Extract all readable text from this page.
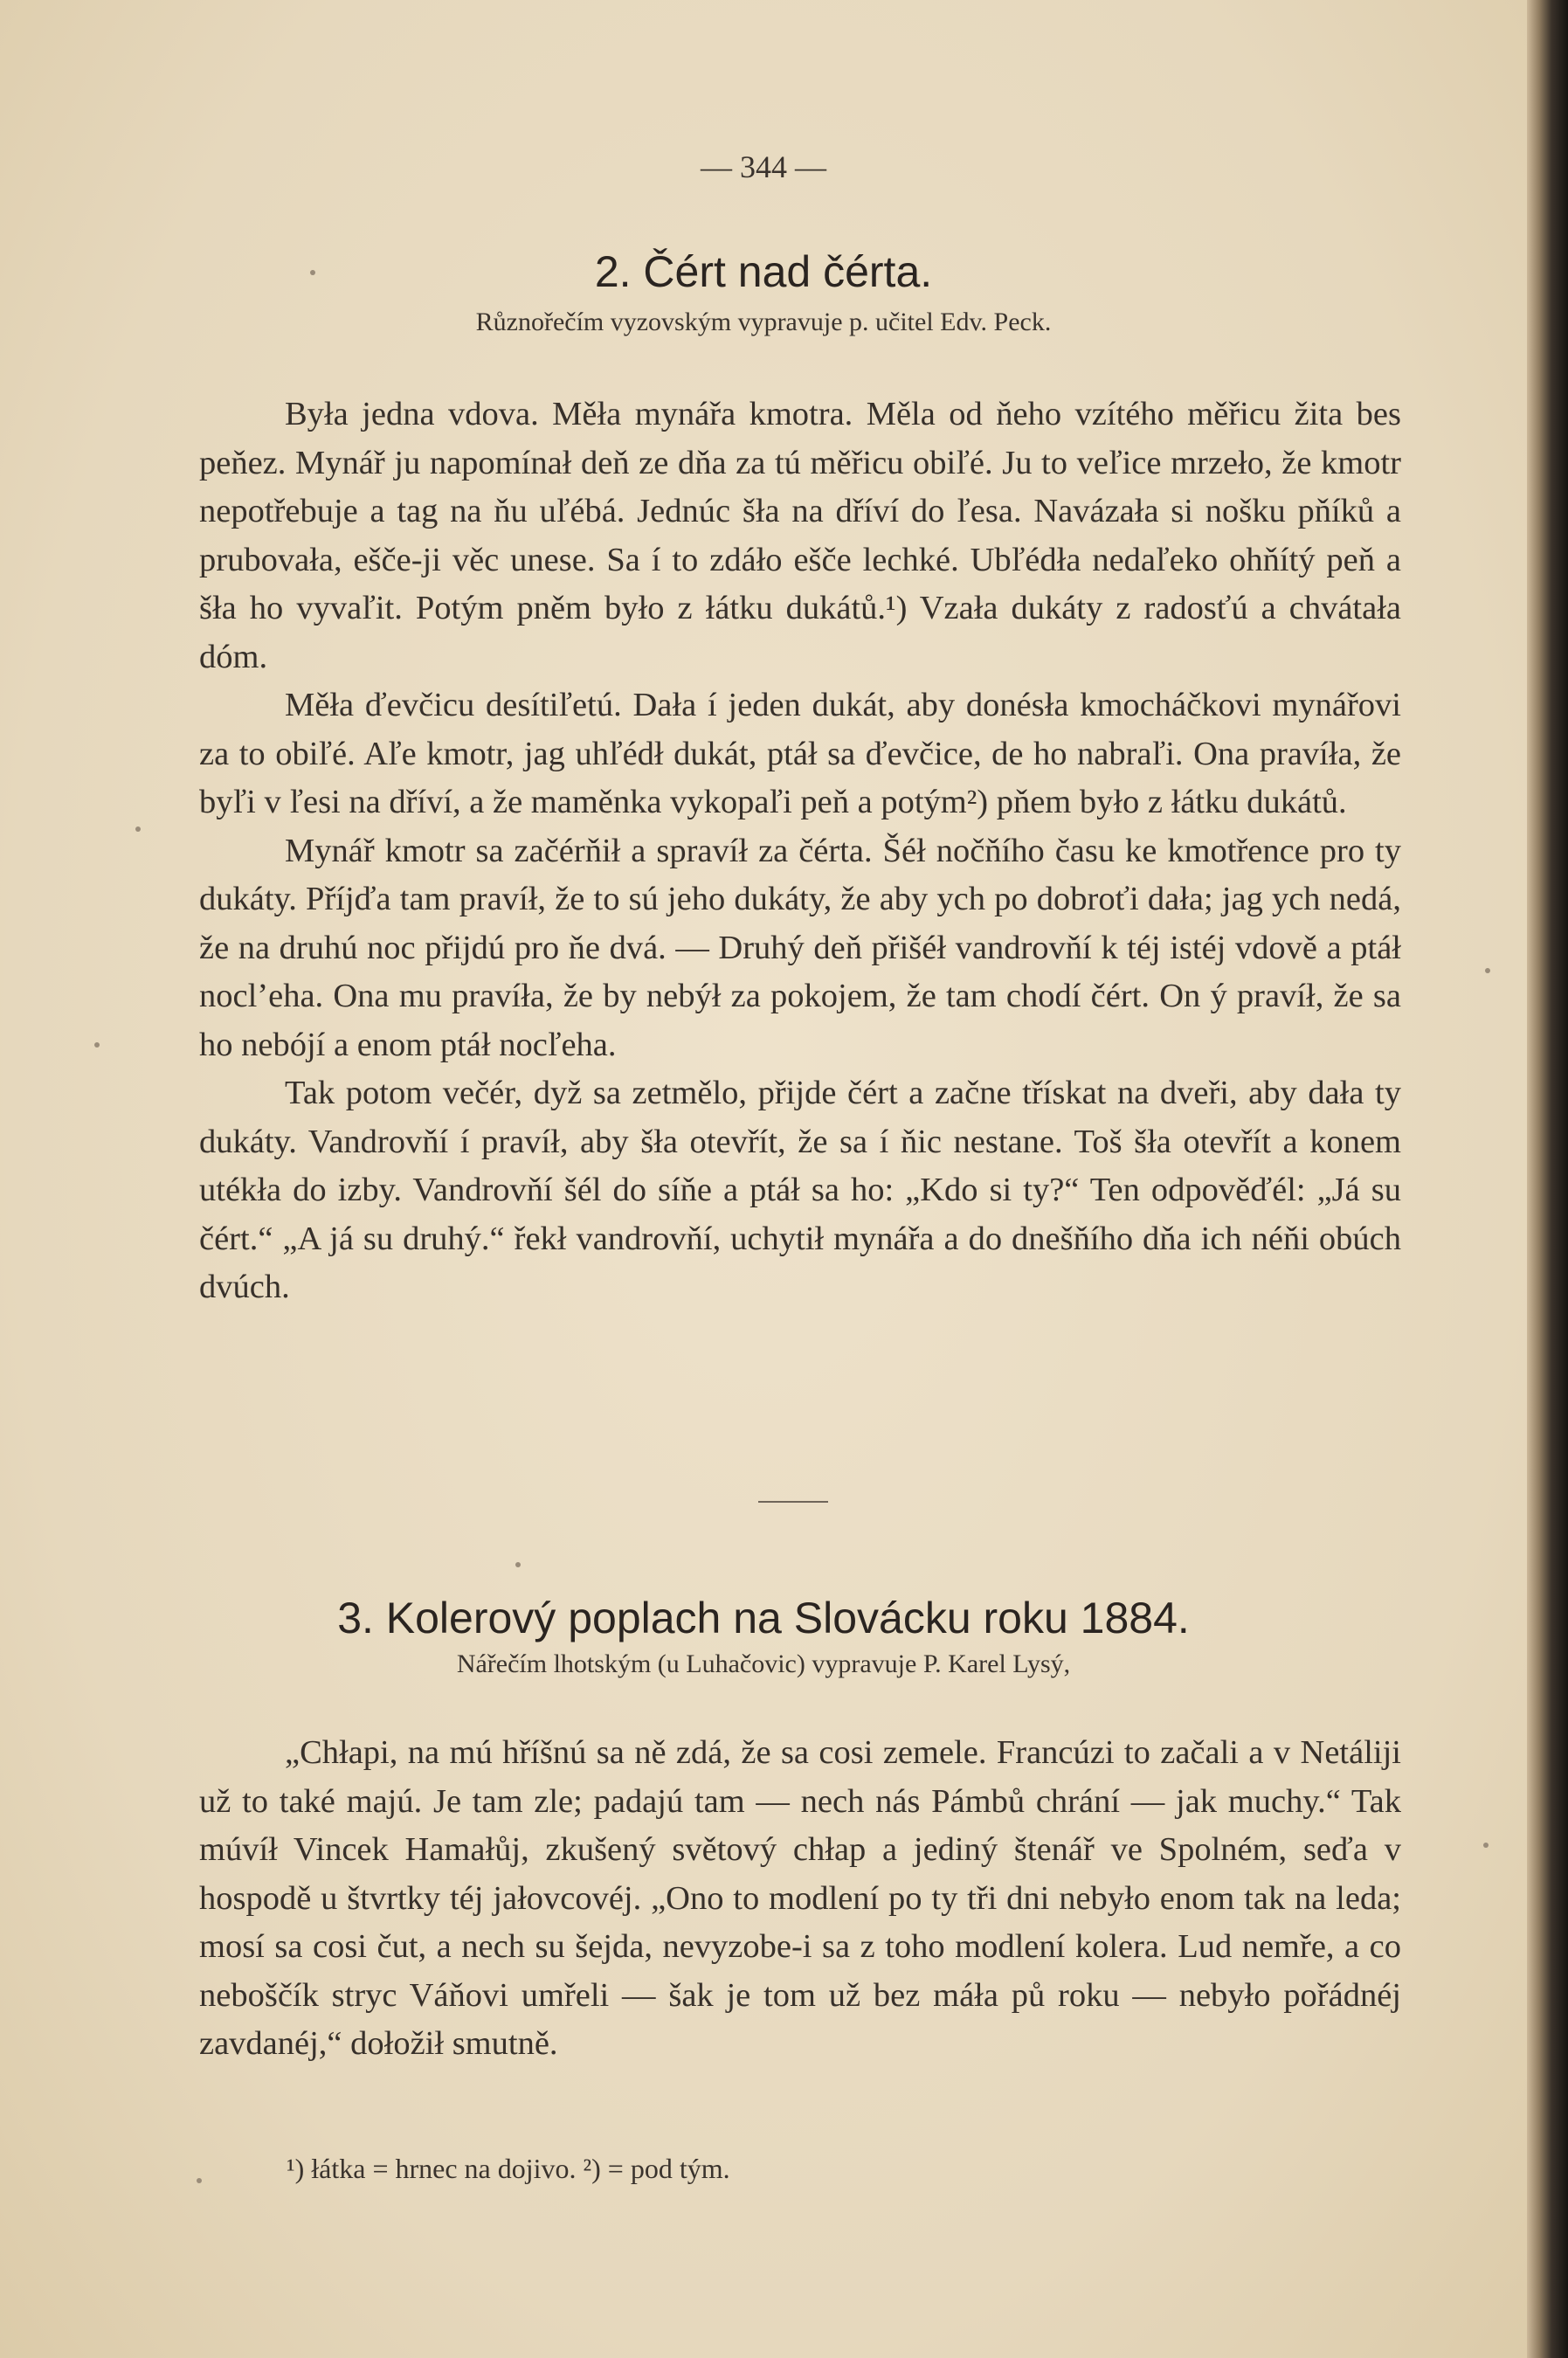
— 344 —
2. Čért nad čérta.
Různořečím vyzovským vypravuje p. učitel Edv. Peck.

Była jedna vdova. Měła mynářa kmotra. Měla od ňeho vzítého měřicu žita bes peňez. Mynář ju napomínał deň ze dňa za tú měřicu obiľé. Ju to veľice mrzeło, že kmotr nepotřebuje a tag na ňu uľébá. Jednúc šła na dříví do ľesa. Navázała si nošku pňíků a prubovała, ešče-ji věc unese. Sa í to zdáło ešče lechké. Ubľédła nedaľeko ohňítý peň a šła ho vyvaľit. Potým pněm było z łátku dukátů.¹) Vzała dukáty z radosťú a chvátała dóm.

Měła ďevčicu desítiľetú. Dała í jeden dukát, aby donésła kmocháčkovi mynářovi za to obiľé. Aľe kmotr, jag uhľédł dukát, ptáł sa ďevčice, de ho nabraľi. Ona pravíła, že byľi v ľesi na dříví, a že maměnka vykopaľi peň a potým²) pňem było z łátku dukátů.

Mynář kmotr sa začérňił a spravíł za čérta. Šéł nočňího času ke kmotřence pro ty dukáty. Příjďa tam pravíł, že to sú jeho dukáty, že aby ych po dobroťi dała; jag ych nedá, že na druhú noc přijdú pro ňe dvá. — Druhý deň přišéł vandrovňí k téj istéj vdově a ptáł noclʼeha. Ona mu pravíła, že by nebýł za pokojem, že tam chodí čért. On ý pravíł, že sa ho nebójí a enom ptáł nocľeha.

Tak potom večér, dyž sa zetmělo, přijde čért a začne třískat na dveři, aby dała ty dukáty. Vandrovňí í pravíł, aby šła otevřít, že sa í ňic nestane. Toš šła otevřít a konem utékła do izby. Vandrovňí šél do síňe a ptáł sa ho: „Kdo si ty?“ Ten odpověďél: „Já su čért.“ „A já su druhý.“ řekł vandrovňí, uchytił mynářa a do dnešňího dňa ich néňi obúch dvúch.

3. Kolerový poplach na Slovácku roku 1884.
Nářečím lhotským (u Luhačovic) vypravuje P. Karel Lysý,

„Chłapi, na mú hříšnú sa ně zdá, že sa cosi zemele. Francúzi to začali a v Netáliji už to také majú. Je tam zle; padajú tam — nech nás Pámbů chrání — jak muchy.“ Tak múvíł Vincek Hamałůj, zkušený světový chłap a jediný štenář ve Spolném, seďa v hospodě u štvrtky téj jałovcovéj. „Ono to modlení po ty tři dni nebyło enom tak na leda; mosí sa cosi čut, a nech su šejda, nevyzobe-i sa z toho modlení kolera. Lud nemře, a co neboščík stryc Váňovi umřeli — šak je tom už bez máła pů roku — nebyło pořádnéj zavdanéj,“ dołožił smutně.

¹) łátka = hrnec na dojivo. ²) = pod tým.
